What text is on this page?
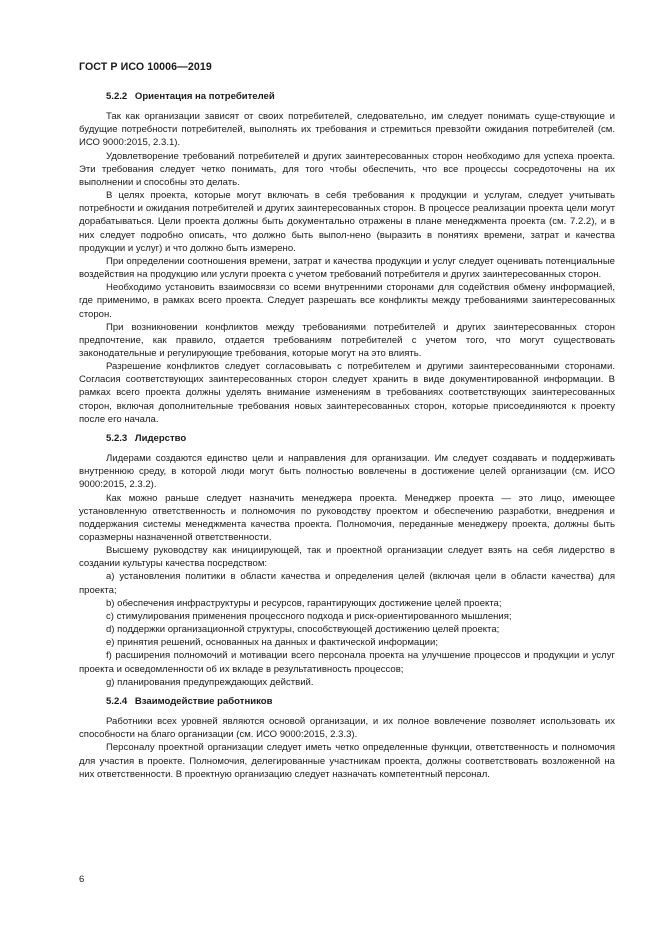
ГОСТ Р ИСО 10006—2019
5.2.2 Ориентация на потребителей

Так как организации зависят от своих потребителей, следовательно, им следует понимать суще-ствующие и будущие потребности потребителей, выполнять их требования и стремиться превзойти ожидания потребителей (см. ИСО 9000:2015, 2.3.1).

Удовлетворение требований потребителей и других заинтересованных сторон необходимо для успеха проекта. Эти требования следует четко понимать, для того чтобы обеспечить, что все процессы сосредоточены на их выполнении и способны это делать.

В целях проекта, которые могут включать в себя требования к продукции и услугам, следует учитывать потребности и ожидания потребителей и других заинтересованных сторон. В процессе реализации проекта цели могут дорабатываться. Цели проекта должны быть документально отражены в плане менеджмента проекта (см. 7.2.2), и в них следует подробно описать, что должно быть выпол-нено (выразить в понятиях времени, затрат и качества продукции и услуг) и что должно быть измерено.

При определении соотношения времени, затрат и качества продукции и услуг следует оценивать потенциальные воздействия на продукцию или услуги проекта с учетом требований потребителя и других заинтересованных сторон.

Необходимо установить взаимосвязи со всеми внутренними сторонами для содействия обмену информацией, где применимо, в рамках всего проекта. Следует разрешать все конфликты между требованиями заинтересованных сторон.

При возникновении конфликтов между требованиями потребителей и других заинтересованных сторон предпочтение, как правило, отдается требованиям потребителей с учетом того, что могут существовать законодательные и регулирующие требования, которые могут на это влиять.

Разрешение конфликтов следует согласовывать с потребителем и другими заинтересованными сторонами. Согласия соответствующих заинтересованных сторон следует хранить в виде документированной информации. В рамках всего проекта должны уделять внимание изменениям в требованиях соответствующих заинтересованных сторон, включая дополнительные требования новых заинтересованных сторон, которые присоединяются к проекту после его начала.

5.2.3 Лидерство

Лидерами создаются единство цели и направления для организации. Им следует создавать и поддерживать внутреннюю среду, в которой люди могут быть полностью вовлечены в достижение целей организации (см. ИСО 9000:2015, 2.3.2).

Как можно раньше следует назначить менеджера проекта. Менеджер проекта — это лицо, имеющее установленную ответственность и полномочия по руководству проектом и обеспечению разработки, внедрения и поддержания системы менеджмента качества проекта. Полномочия, переданные менеджеру проекта, должны быть соразмерны назначенной ответственности.

Высшему руководству как инициирующей, так и проектной организации следует взять на себя лидерство в создании культуры качества посредством:

a) установления политики в области качества и определения целей (включая цели в области качества) для проекта;

b) обеспечения инфраструктуры и ресурсов, гарантирующих достижение целей проекта;

c) стимулирования применения процессного подхода и риск-ориентированного мышления;

d) поддержки организационной структуры, способствующей достижению целей проекта;

e) принятия решений, основанных на данных и фактической информации;

f) расширения полномочий и мотивации всего персонала проекта на улучшение процессов и продукции и услуг проекта и осведомленности об их вкладе в результативность процессов;

g) планирования предупреждающих действий.

5.2.4 Взаимодействие работников

Работники всех уровней являются основой организации, и их полное вовлечение позволяет использовать их способности на благо организации (см. ИСО 9000:2015, 2.3.3).

Персоналу проектной организации следует иметь четко определенные функции, ответственность и полномочия для участия в проекте. Полномочия, делегированные участникам проекта, должны соответствовать возложенной на них ответственности. В проектную организацию следует назначать компетентный персонал.

6
